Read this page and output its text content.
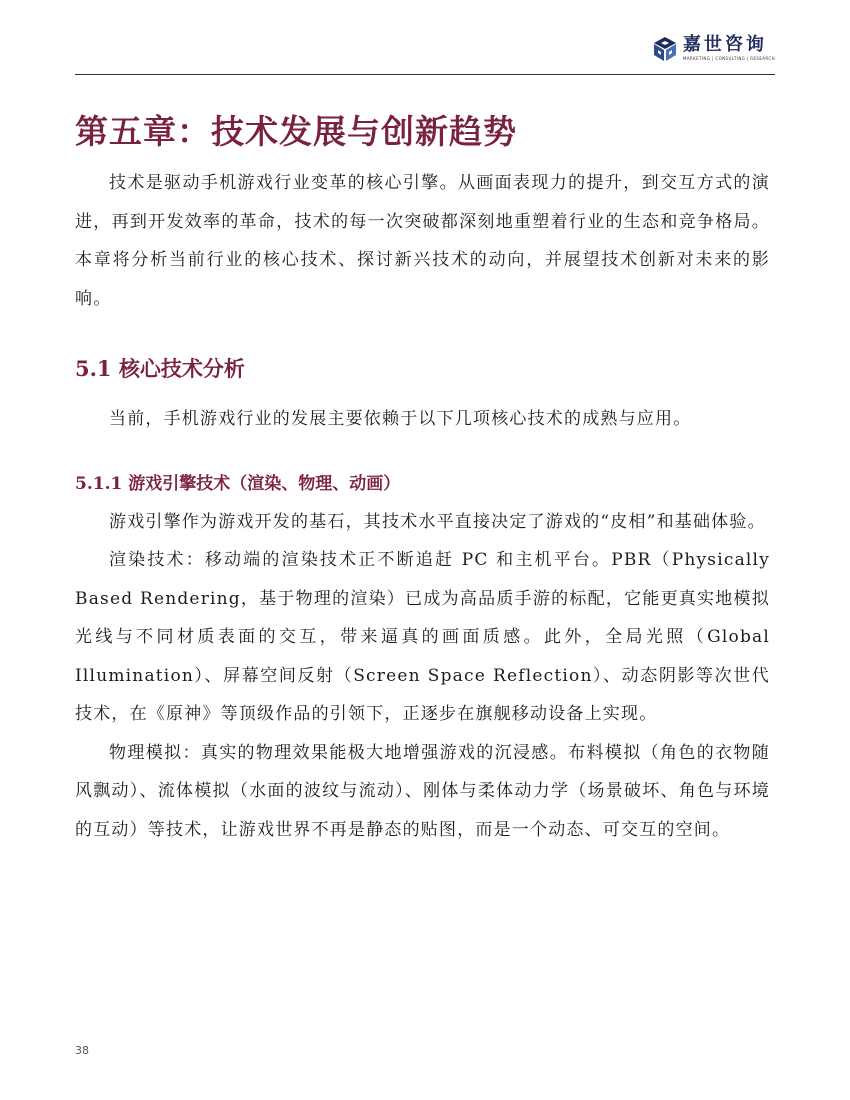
嘉世咨询
MARKETING | CONSULTING | RESEARCH
第五章：技术发展与创新趋势

技术是驱动手机游戏行业变革的核心引擎。从画面表现力的提升，到交互方式的演进，再到开发效率的革命，技术的每一次突破都深刻地重塑着行业的生态和竞争格局。本章将分析当前行业的核心技术、探讨新兴技术的动向，并展望技术创新对未来的影响。

5.1 核心技术分析

当前，手机游戏行业的发展主要依赖于以下几项核心技术的成熟与应用。

5.1.1 游戏引擎技术（渲染、物理、动画）

游戏引擎作为游戏开发的基石，其技术水平直接决定了游戏的“皮相”和基础体验。

渲染技术：移动端的渲染技术正不断追赶 PC 和主机平台。PBR（Physically Based Rendering，基于物理的渲染）已成为高品质手游的标配，它能更真实地模拟光线与不同材质表面的交互，带来逼真的画面质感。此外，全局光照（Global Illumination）、屏幕空间反射（Screen Space Reflection）、动态阴影等次世代技术，在《原神》等顶级作品的引领下，正逐步在旗舰移动设备上实现。

物理模拟：真实的物理效果能极大地增强游戏的沉浸感。布料模拟（角色的衣物随风飘动）、流体模拟（水面的波纹与流动）、刚体与柔体动力学（场景破坏、角色与环境的互动）等技术，让游戏世界不再是静态的贴图，而是一个动态、可交互的空间。

38
